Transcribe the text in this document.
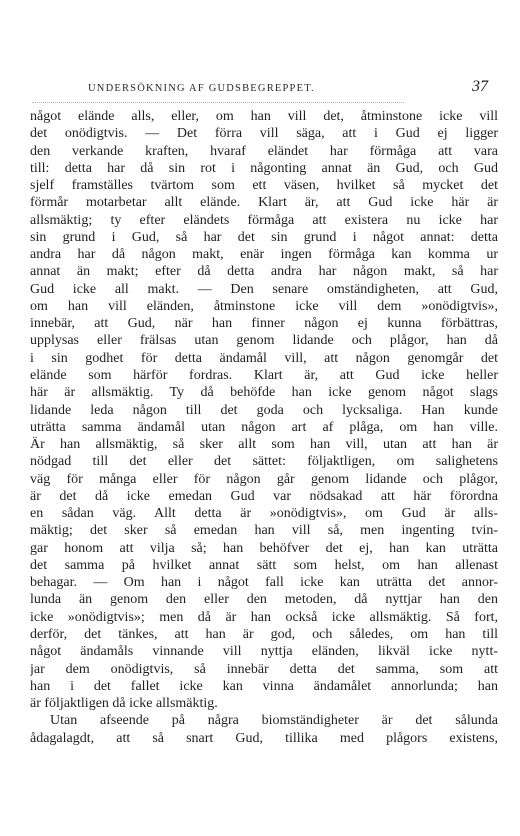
UNDERSÖKNING AF GUDSBEGREPPET.	37
något elände alls, eller, om han vill det, åtminstone icke vill
det onödigtvis. — Det förra vill säga, att i Gud ej ligger
den verkande kraften, hvaraf eländet har förmåga att vara
till: detta har då sin rot i någonting annat än Gud, och Gud
sjelf framställes tvärtom som ett väsen, hvilket så mycket det
förmår motarbetar allt elände. Klart är, att Gud icke här är
allsmäktig; ty efter eländets förmåga att existera nu icke har
sin grund i Gud, så har det sin grund i något annat: detta
andra har då någon makt, enär ingen förmåga kan komma ur
annat än makt; efter då detta andra har någon makt, så har
Gud icke all makt. — Den senare omständigheten, att Gud,
om han vill eländen, åtminstone icke vill dem »onödigtvis»,
innebär, att Gud, när han finner någon ej kunna förbättras,
upplysas eller frälsas utan genom lidande och plågor, han då
i sin godhet för detta ändamål vill, att någon genomgår det
elände som härför fordras. Klart är, att Gud icke heller
här är allsmäktig. Ty då behöfde han icke genom något slags
lidande leda någon till det goda och lycksaliga. Han kunde
uträtta samma ändamål utan någon art af plåga, om han ville.
Är han allsmäktig, så sker allt som han vill, utan att han är
nödgad till det eller det sättet: följaktligen, om salighetens
väg för många eller för någon går genom lidande och plågor,
är det då icke emedan Gud var nödsakad att här förordna
en sådan väg. Allt detta är »onödigtvis», om Gud är alls-
mäktig; det sker så emedan han vill så, men ingenting tvin-
gar honom att vilja så; han behöfver det ej, han kan uträtta
det samma på hvilket annat sätt som helst, om han allenast
behagar. — Om han i något fall icke kan uträtta det annor-
lunda än genom den eller den metoden, då nyttjar han den
icke »onödigtvis»; men då är han också icke allsmäktig. Så fort,
derför, det tänkes, att han är god, och således, om han till
något ändamåls vinnande vill nyttja eländen, likväl icke nytt-
jar dem onödigtvis, så innebär detta det samma, som att
han i det fallet icke kan vinna ändamålet annorlunda; han
är följaktligen då icke allsmäktig.
Utan afseende på några biomständigheter är det sålunda
ådagalagdt, att så snart Gud, tillika med plågors existens,
